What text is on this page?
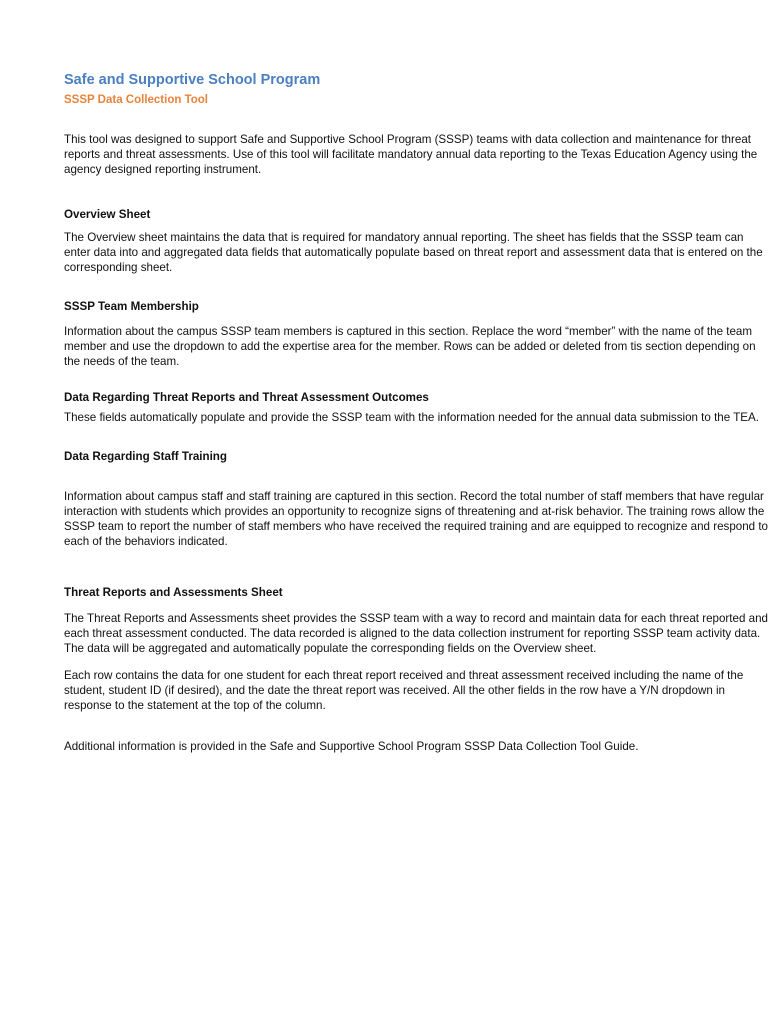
Safe and Supportive School Program
SSSP Data Collection Tool

This tool was designed to support Safe and Supportive School Program (SSSP) teams with data collection and maintenance for threat reports and threat assessments. Use of this tool will facilitate mandatory annual data reporting to the Texas Education Agency using the agency designed reporting instrument.

Overview Sheet

The Overview sheet maintains the data that is required for mandatory annual reporting. The sheet has fields that the SSSP team can enter data into and aggregated data fields that automatically populate based on threat report and assessment data that is entered on the corresponding sheet.

SSSP Team Membership

Information about the campus SSSP team members is captured in this section. Replace the word “member” with the name of the team member and use the dropdown to add the expertise area for the member. Rows can be added or deleted from tis section depending on the needs of the team.

Data Regarding Threat Reports and Threat Assessment Outcomes

These fields automatically populate and provide the SSSP team with the information needed for the annual data submission to the TEA.

Data Regarding Staff Training

Information about campus staff and staff training are captured in this section. Record the total number of staff members that have regular interaction with students which provides an opportunity to recognize signs of threatening and at-risk behavior. The training rows allow the SSSP team to report the number of staff members who have received the required training and are equipped to recognize and respond to each of the behaviors indicated.

Threat Reports and Assessments Sheet

The Threat Reports and Assessments sheet provides the SSSP team with a way to record and maintain data for each threat reported and each threat assessment conducted. The data recorded is aligned to the data collection instrument for reporting SSSP team activity data. The data will be aggregated and automatically populate the corresponding fields on the Overview sheet.

Each row contains the data for one student for each threat report received and threat assessment received including the name of the student, student ID (if desired), and the date the threat report was received. All the other fields in the row have a Y/N dropdown in response to the statement at the top of the column.

Additional information is provided in the Safe and Supportive School Program SSSP Data Collection Tool Guide.
